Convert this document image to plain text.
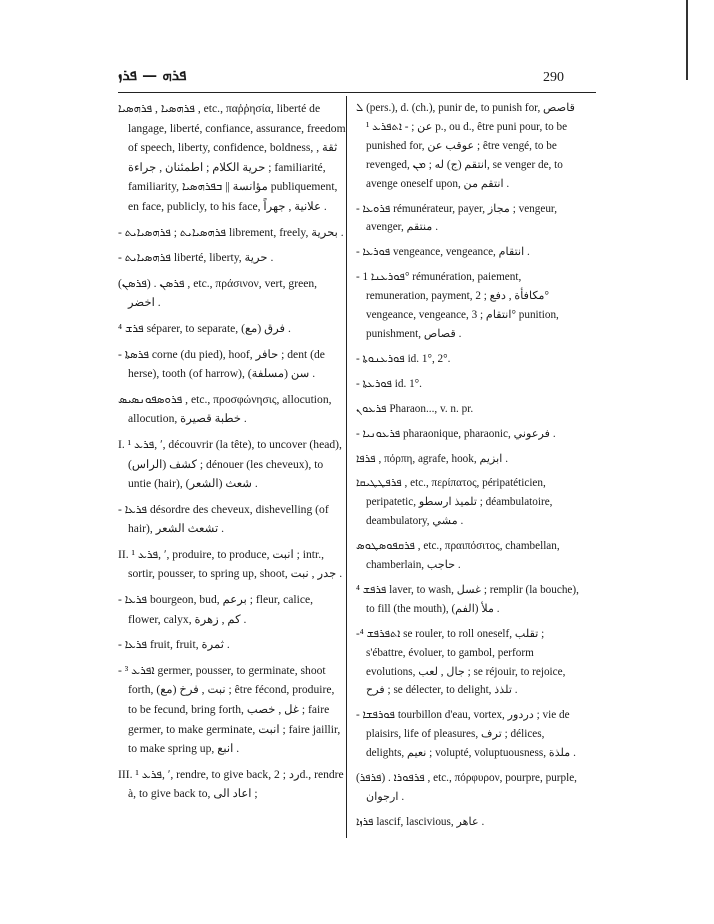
ܦܪܗ — ܦܪܙ	290

ܦܪܗܣܝܐ , ܦܪܗܣܝܐ , etc., παῤῥησία, liberté de langage, liberté, confiance, assurance, freedom of speech, liberty, confidence, boldness, ثقة , حرية الكلام ; اطمئنان , جراءة ; familiarité, familiarity, مؤانسة || ܒܦܪܗܣܝܐ publiquement, en face, publicly, to his face, علانية , جهراً .

- ܦܪܗܣܝܐܝܬ ; ܦܪܗܣܝܐܝܬ librement, freely, بحرية .

- ܦܪܗܣܝܐܝܬ liberté, liberty, حرية .

(ܦܪܣܢ) . ܦܪܣܢ , etc., πράσινον, vert, green, اخضر .

ܦܪܫ ⁴ séparer, to separate, فرق (مع) .

- ܦܪܣܬܐ corne (du pied), hoof, حافر ; dent (de herse), tooth (of harrow), سن (مسلفة) .

ܦܪܘܣܦܘܢܣܝܣ , etc., προσφώνησις, allocution, allocution, خطبة قصيرة .

I. ܦܪܥ ¹, ʹ, découvrir (la tête), to uncover (head), كشف (الراس) ; dénouer (les cheveux), to untie (hair), شعث (الشعر) .

- ܦܪܥܐ désordre des cheveux, dishevelling (of hair), تشعث الشعر .

II. ܦܪܥ ¹, ʹ, produire, to produce, انبت ; intr., sortir, pousser, to spring up, shoot, جدر , نبت .

- ܦܪܥܐ bourgeon, bud, برعم ; fleur, calice, flower, calyx, كم , زهرة .

- ܦܪܥܐ fruit, fruit, ثمرة .

- ܐܦܪܥ ³ germer, pousser, to germinate, shoot forth, نبت , فرخ (مع) ; être fécond, produire, to be fecund, bring forth, غل , خصب ; faire germer, to make germinate, انبت ; faire jaillir, to make spring up, انبع .

III. ܦܪܥ ¹, ʹ, rendre, to give back, رد ; 2d., rendre à, to give back to, اعاد الى ;

ܠ (pers.), d. (ch.), punir de, to punish for, قاصص عن ; - ܐܬܦܪܥ ¹ p., ou d., être puni pour, to be punished for, عوقب عن ; être vengé, to be revenged, انتقم (ج) له ; ܡܢ, se venger de, to avenge oneself upon, انتقم من .

- ܦܪܘܥܐ rémunérateur, payer, مجاز ; vengeur, avenger, منتقم .

- ܦܘܪܥܐ vengeance, vengeance, انتقام .

- ܦܘܪܥܢܐ 1° rémunération, paiement, remuneration, payment, مكافأة , دفع ; 2° vengeance, vengeance, انتقام ; 3° punition, punishment, قصاص .

- ܦܘܪܥܢܘܬܐ id. 1°, 2°.

- ܦܘܪܥܬܐ id. 1°.

ܦܪܥܘܢ Pharaon..., v. n. pr.

- ܦܪܥܘܢܝܐ pharaonique, pharaonic, فرعوني .

ܦܪܦܐ , πόρπη, agrafe, hook, ابزيم .

ܦܪܦܛܛܝܩܐ , etc., περίπατος, péripatéticien, peripatetic, تلميذ ارسطو ; déambulatoire, deambulatory, مشي .

ܦܪܩܦܘܣܛܘܣ , etc., πραιπόσιτος, chambellan, chamberlain, حاجب .

ܦܪܦܫ ⁴ laver, to wash, غسل ; remplir (la bouche), to fill (the mouth), ملأ (الفم) .

-ܐܬܦܪܦܫ ⁴ se rouler, to roll oneself, تقلب ; s'ébattre, évoluer, to gambol, perform evolutions, جال , لعب ; se réjouir, to rejoice, فرح ; se délecter, to delight, تلذذ .

- ܦܘܪܦܫܐ tourbillon d'eau, vortex, دردور ; vie de plaisirs, life of pleasures, ترف ; délices, delights, نعيم ; volupté, voluptuousness, ملذة .

(ܦܪܦܪ) . ܦܪܦܘܪܐ , etc., πόρφυρον, pourpre, purple, ارجوان .

ܦܪܙܐ lascif, lascivious, عاهر .
